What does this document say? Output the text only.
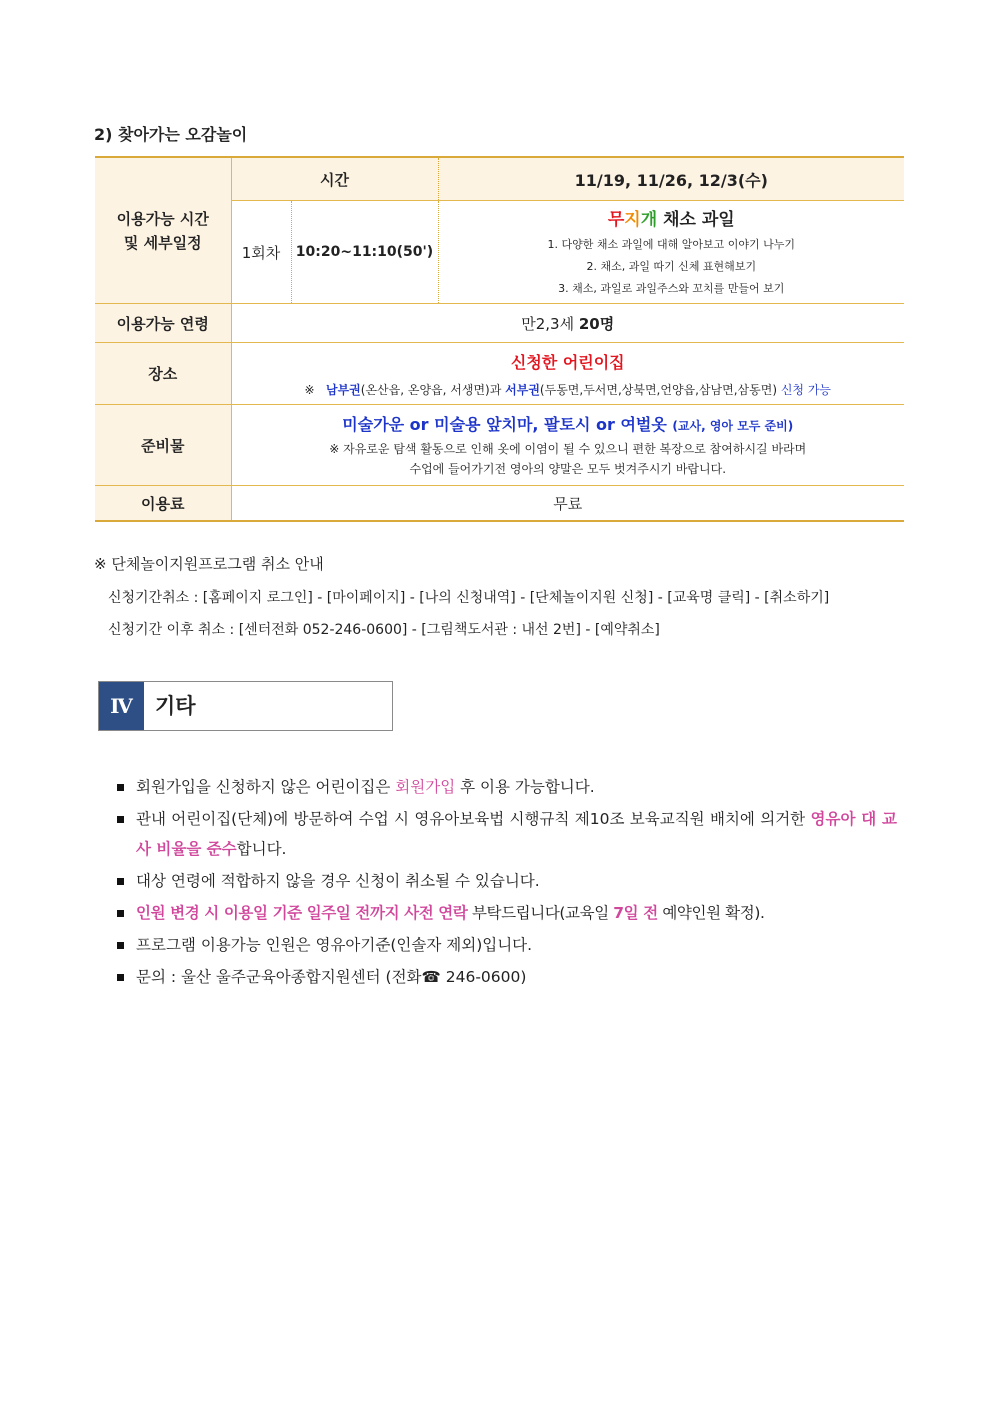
2) 찾아가는 오감놀이
이용가능 시간
및 세부일정	시간		11/19, 11/26, 12/3(수)
	1회차	10:20~11:10(50')	무지개 채소 과일
1. 다양한 채소 과일에 대해 알아보고 이야기 나누기
2. 채소, 과일 따기 신체 표현해보기
3. 채소, 과일로 과일주스와 꼬치를 만들어 보기

이용가능 연령	만2,3세 20명		
장소	신청한 어린이집
※ 남부권(온산읍, 온양읍, 서생면)과 서부권(두동면,두서면,상북면,언양읍,삼남면,삼동면) 신청 가능		

준비물	미술가운 or 미술용 앞치마, 팔토시 or 여벌옷 (교사, 영아 모두 준비)
※ 자유로운 탐색 활동으로 인해 옷에 이염이 될 수 있으니 편한 복장으로 참여하시길 바라며
수업에 들어가기전 영아의 양말은 모두 벗겨주시기 바랍니다.		

이용료	무료		
※ 단체놀이지원프로그램 취소 안내
신청기간취소 : [홈페이지 로그인] - [마이페이지] - [나의 신청내역] - [단체놀이지원 신청] - [교육명 클릭] - [취소하기]
신청기간 이후 취소 : [센터전화 052-246-0600] - [그림책도서관 : 내선 2번] - [예약취소]
Ⅳ	기타
회원가입을 신청하지 않은 어린이집은 회원가입 후 이용 가능합니다.
관내 어린이집(단체)에 방문하여 수업 시 영유아보육법 시행규칙 제10조 보육교직원 배치에 의거한 영유아 대 교사 비율을 준수합니다.
대상 연령에 적합하지 않을 경우 신청이 취소될 수 있습니다.
인원 변경 시 이용일 기준 일주일 전까지 사전 연락 부탁드립니다(교육일 7일 전 예약인원 확정).
프로그램 이용가능 인원은 영유아기준(인솔자 제외)입니다.
문의 : 울산 울주군육아종합지원센터 (전화☎ 246-0600)
